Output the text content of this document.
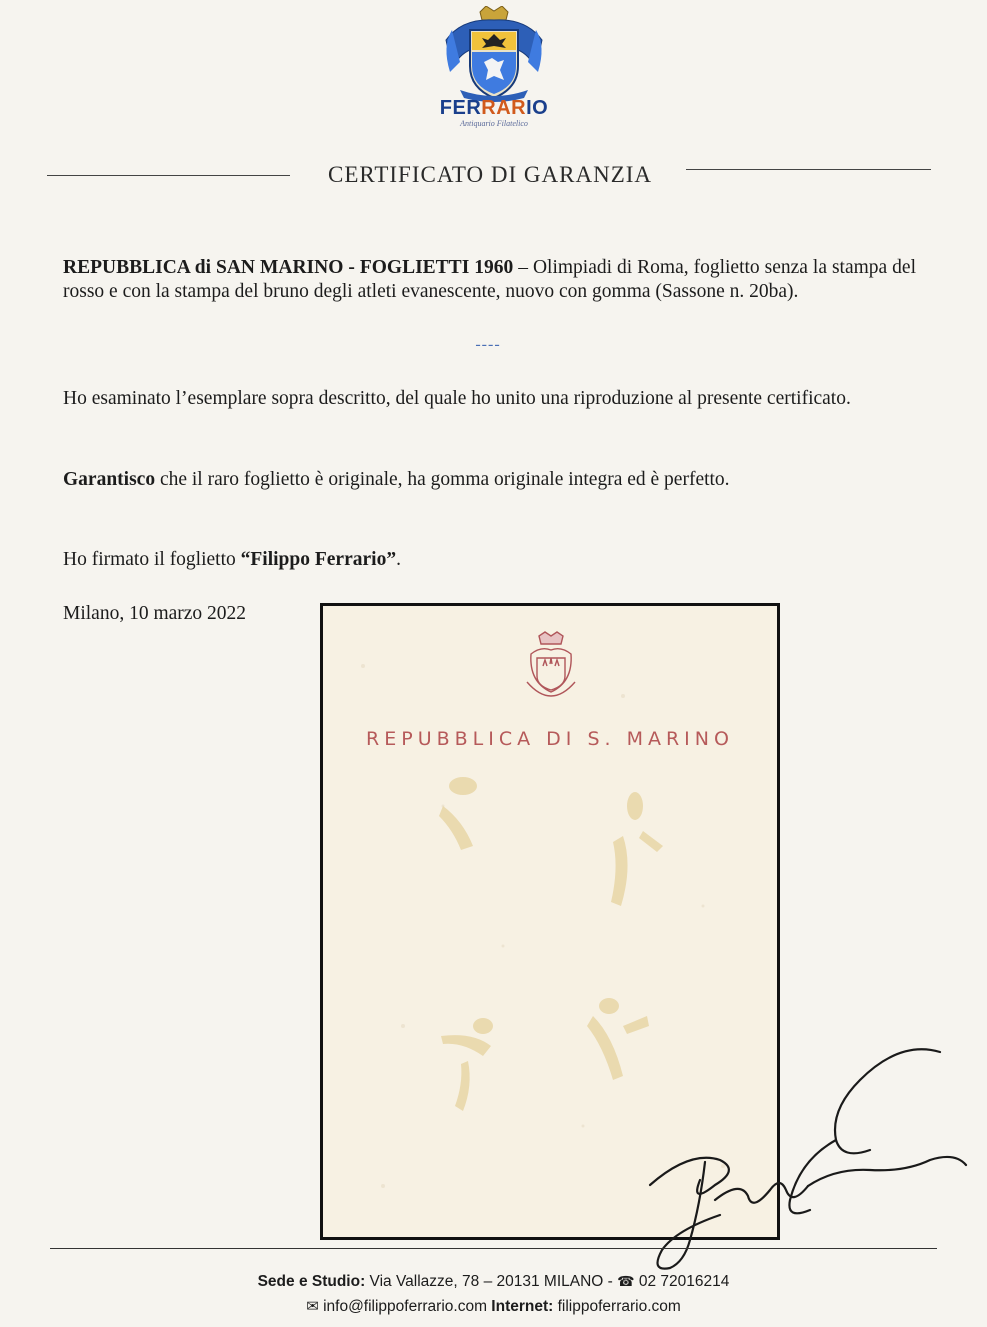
FERRARIO
Antiquario Filatelico
CERTIFICATO DI GARANZIA
REPUBBLICA di SAN MARINO - FOGLIETTI 1960 – Olimpiadi di Roma, foglietto senza la stampa del rosso e con la stampa del bruno degli atleti evanescente, nuovo con gomma (Sassone n. 20ba).
----
Ho esaminato l’esemplare sopra descritto, del quale ho unito una riproduzione al presente certificato.
Garantisco che il raro foglietto è originale, ha gomma originale integra ed è perfetto.
Ho firmato il foglietto “Filippo Ferrario”.
Milano, 10 marzo 2022
REPUBBLICA DI S. MARINO
Sede e Studio: Via Vallazze, 78 – 20131 MILANO - ☎ 02 72016214
✉ info@filippoferrario.com Internet: filippoferrario.com
